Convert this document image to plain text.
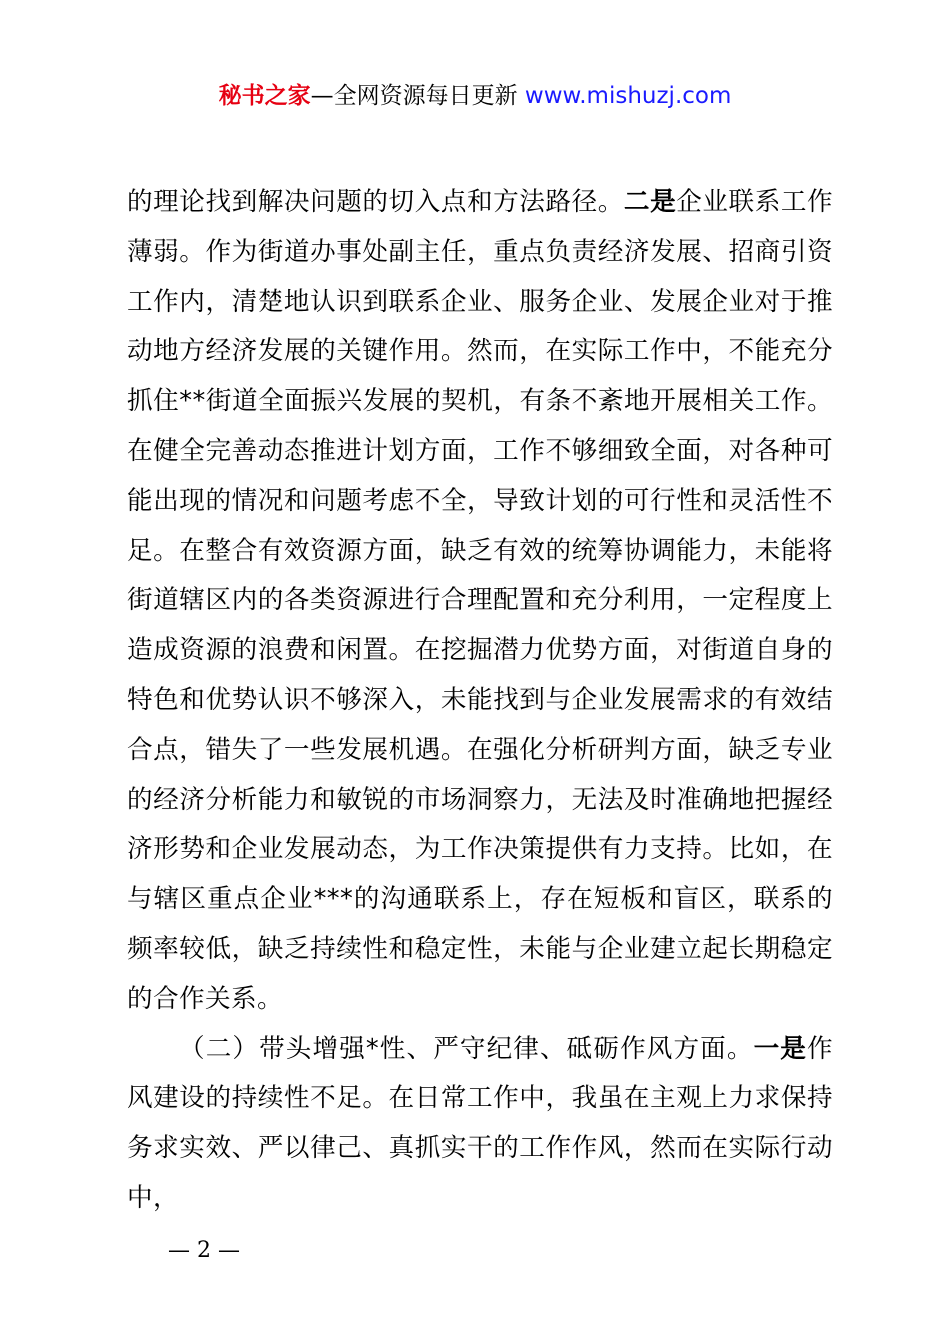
秘书之家—全网资源每日更新 www.mishuzj.com

的理论找到解决问题的切入点和方法路径。二是企业联系工作薄弱。作为街道办事处副主任，重点负责经济发展、招商引资工作内，清楚地认识到联系企业、服务企业、发展企业对于推动地方经济发展的关键作用。然而，在实际工作中，不能充分抓住**街道全面振兴发展的契机，有条不紊地开展相关工作。在健全完善动态推进计划方面，工作不够细致全面，对各种可能出现的情况和问题考虑不全，导致计划的可行性和灵活性不足。在整合有效资源方面，缺乏有效的统筹协调能力，未能将街道辖区内的各类资源进行合理配置和充分利用，一定程度上造成资源的浪费和闲置。在挖掘潜力优势方面，对街道自身的特色和优势认识不够深入，未能找到与企业发展需求的有效结合点，错失了一些发展机遇。在强化分析研判方面，缺乏专业的经济分析能力和敏锐的市场洞察力，无法及时准确地把握经济形势和企业发展动态，为工作决策提供有力支持。比如，在与辖区重点企业***的沟通联系上，存在短板和盲区，联系的频率较低，缺乏持续性和稳定性，未能与企业建立起长期稳定的合作关系。

（二）带头增强*性、严守纪律、砥砺作风方面。一是作风建设的持续性不足。在日常工作中，我虽在主观上力求保持务求实效、严以律己、真抓实干的工作作风，然而在实际行动中，

— 2 —
